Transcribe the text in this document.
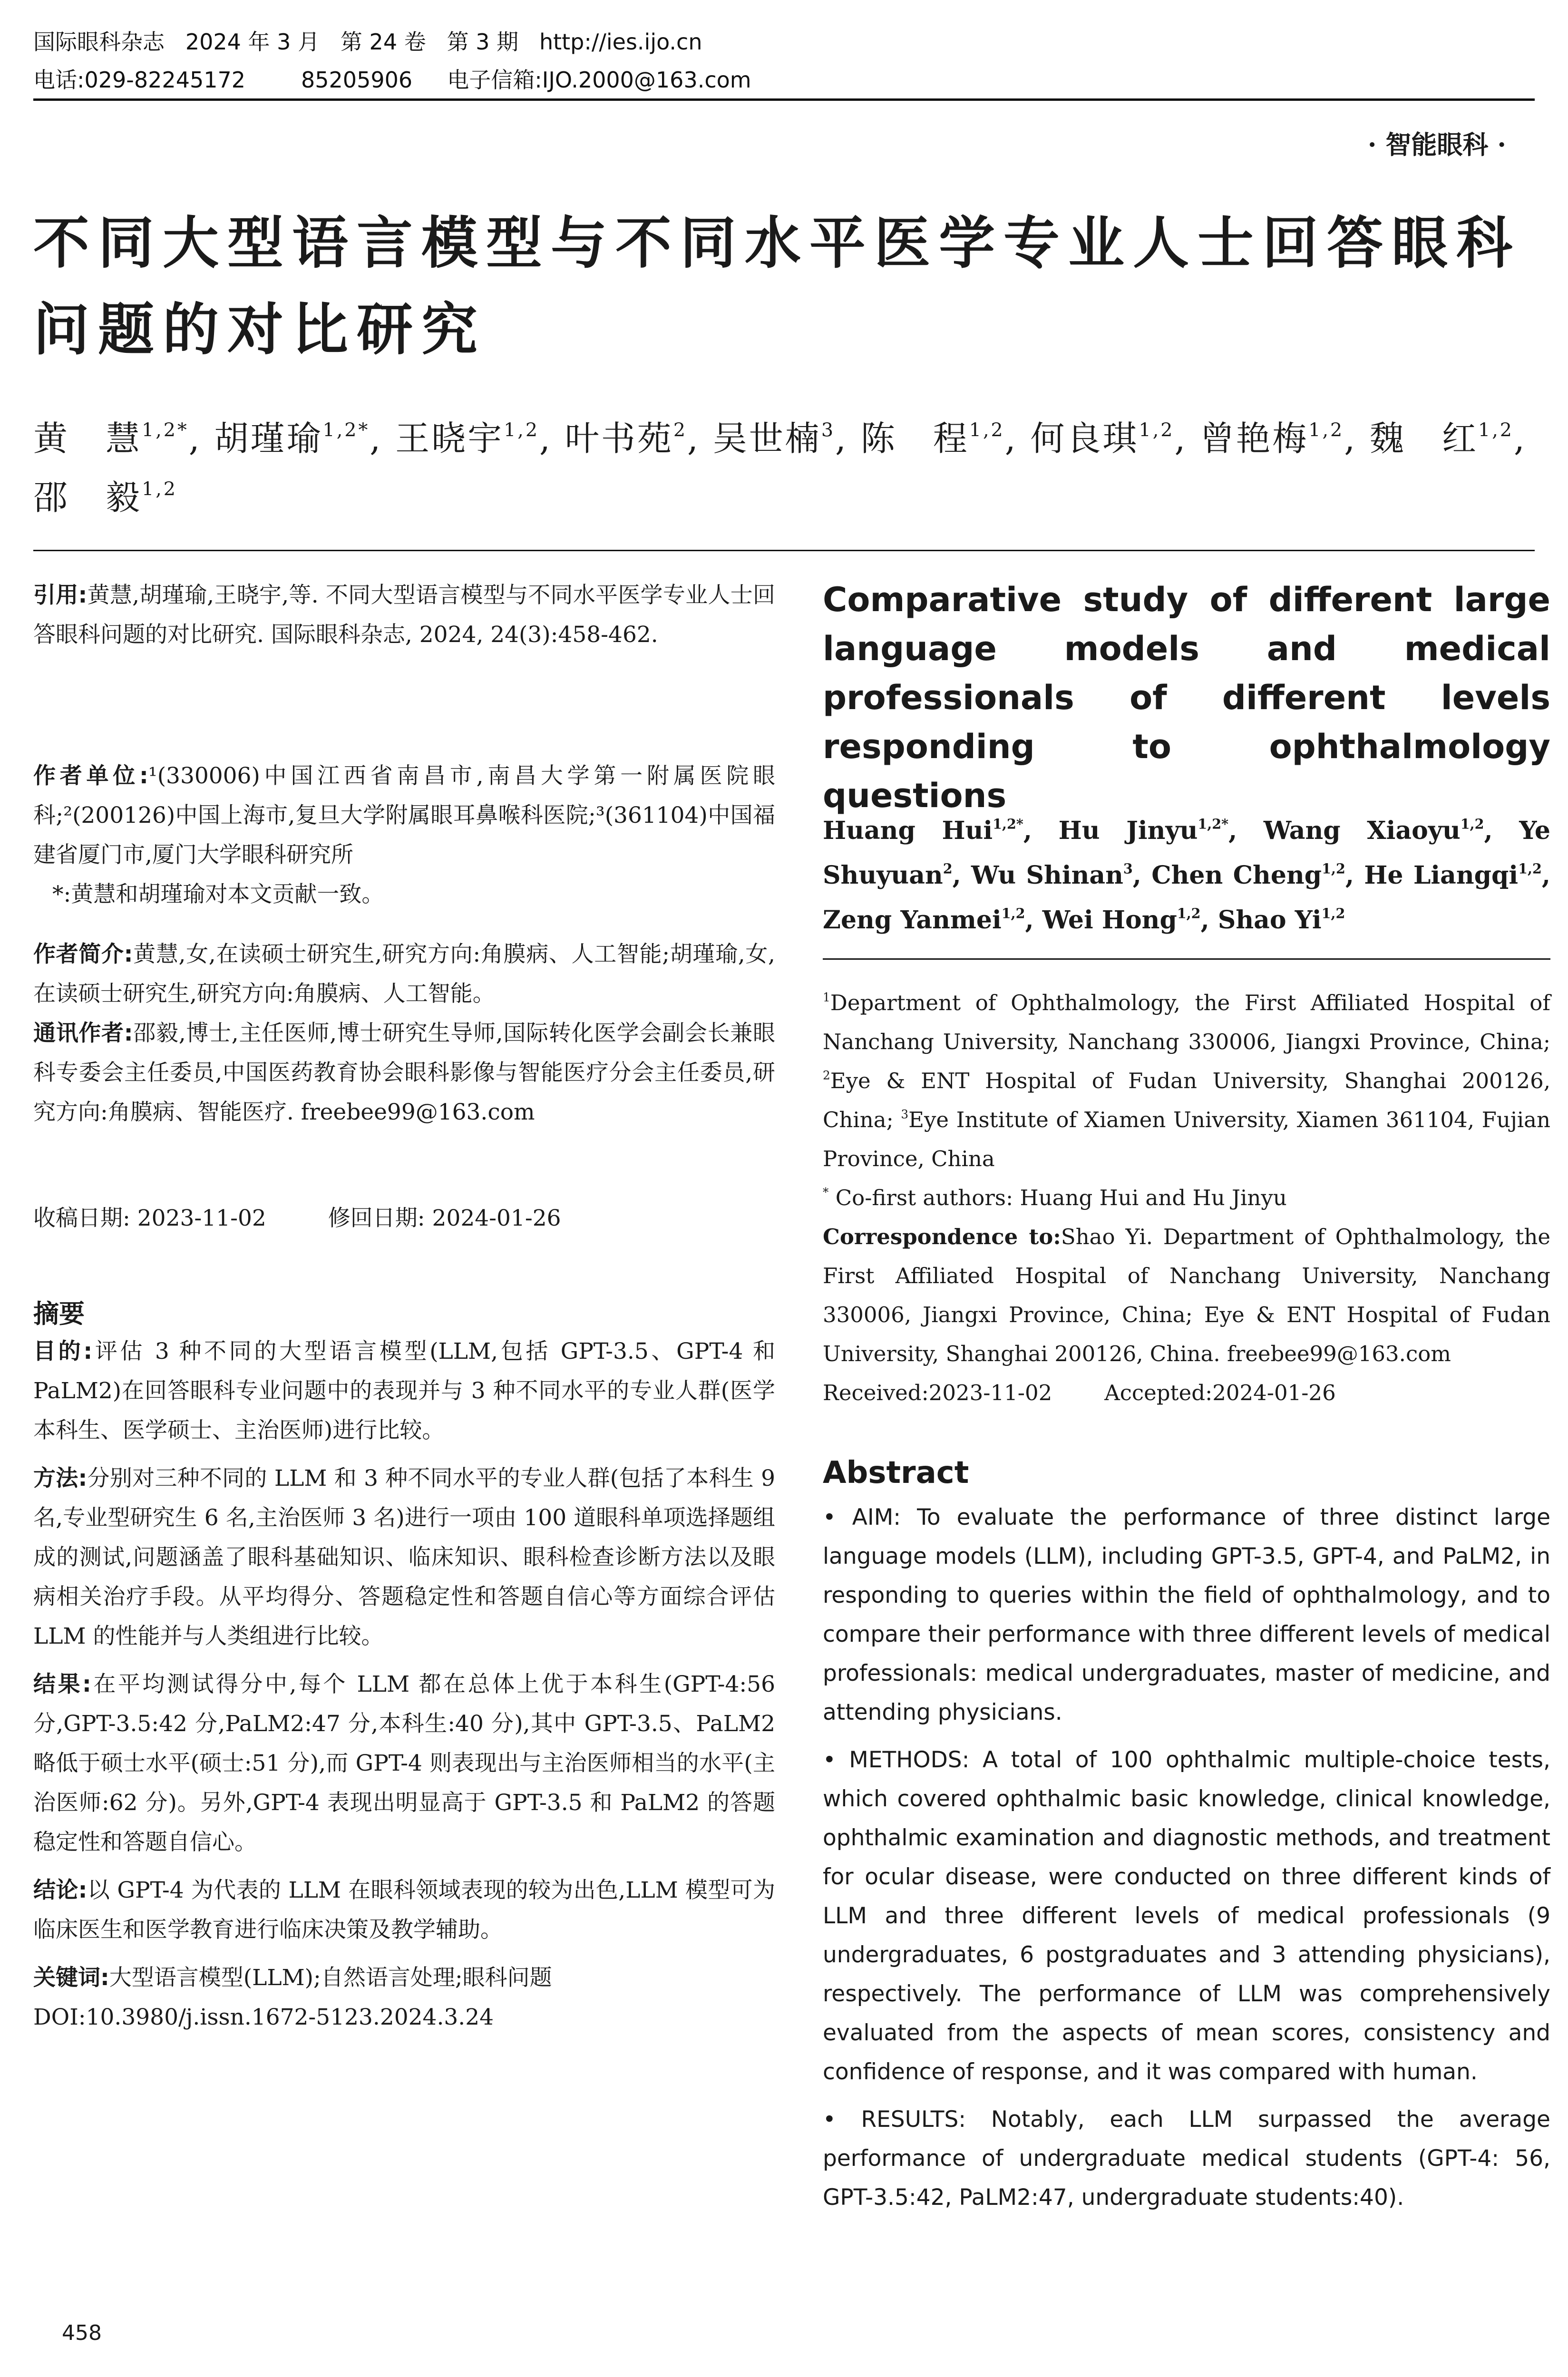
国际眼科杂志   2024 年 3 月   第 24 卷   第 3 期   http://ies.ijo.cn
电话:029-82245172        85205906     电子信箱:IJO.2000@163.com
· 智能眼科 ·
不同大型语言模型与不同水平医学专业人士回答眼科问题的对比研究
黄　慧$^{1,2*}$, 胡瑾瑜$^{1,2*}$, 王晓宇$^{1,2}$, 叶书苑$^2$, 吴世楠$^3$, 陈　程$^{1,2}$, 何良琪$^{1,2}$, 曾艳梅$^{1,2}$, 魏　红$^{1,2}$, 邵　毅$^{1,2}$
引用:黄慧,胡瑾瑜,王晓宇,等. 不同大型语言模型与不同水平医学专业人士回答眼科问题的对比研究. 国际眼科杂志, 2024, 24(3):458-462.
作者单位:¹(330006)中国江西省南昌市,南昌大学第一附属医院眼科;²(200126)中国上海市,复旦大学附属眼耳鼻喉科医院;³(361104)中国福建省厦门市,厦门大学眼科研究所
*:黄慧和胡瑾瑜对本文贡献一致。
作者简介:黄慧,女,在读硕士研究生,研究方向:角膜病、人工智能;胡瑾瑜,女,在读硕士研究生,研究方向:角膜病、人工智能。
通讯作者:邵毅,博士,主任医师,博士研究生导师,国际转化医学会副会长兼眼科专委会主任委员,中国医药教育协会眼科影像与智能医疗分会主任委员,研究方向:角膜病、智能医疗. freebee99@163.com
收稿日期: 2023-11-02	修回日期: 2024-01-26
摘要
目的:评估 3 种不同的大型语言模型(LLM,包括 GPT-3.5、GPT-4 和 PaLM2)在回答眼科专业问题中的表现并与 3 种不同水平的专业人群(医学本科生、医学硕士、主治医师)进行比较。
方法:分别对三种不同的 LLM 和 3 种不同水平的专业人群(包括了本科生 9 名,专业型研究生 6 名,主治医师 3 名)进行一项由 100 道眼科单项选择题组成的测试,问题涵盖了眼科基础知识、临床知识、眼科检查诊断方法以及眼病相关治疗手段。从平均得分、答题稳定性和答题自信心等方面综合评估 LLM 的性能并与人类组进行比较。
结果:在平均测试得分中,每个 LLM 都在总体上优于本科生(GPT-4:56 分,GPT-3.5:42 分,PaLM2:47 分,本科生:40 分),其中 GPT-3.5、PaLM2 略低于硕士水平(硕士:51 分),而 GPT-4 则表现出与主治医师相当的水平(主治医师:62 分)。另外,GPT-4 表现出明显高于 GPT-3.5 和 PaLM2 的答题稳定性和答题自信心。
结论:以 GPT-4 为代表的 LLM 在眼科领域表现的较为出色,LLM 模型可为临床医生和医学教育进行临床决策及教学辅助。
关键词:大型语言模型(LLM);自然语言处理;眼科问题
DOI:10.3980/j.issn.1672-5123.2024.3.24
458
Comparative study of different large language models and medical professionals of different levels responding to ophthalmology questions
Huang Hui$^{1,2*}$, Hu Jinyu$^{1,2*}$, Wang Xiaoyu$^{1,2}$, Ye Shuyuan$^2$, Wu Shinan$^3$, Chen Cheng$^{1,2}$, He Liangqi$^{1,2}$, Zeng Yanmei$^{1,2}$, Wei Hong$^{1,2}$, Shao Yi$^{1,2}$
$^1$Department of Ophthalmology, the First Affiliated Hospital of Nanchang University, Nanchang 330006, Jiangxi Province, China; $^2$Eye & ENT Hospital of Fudan University, Shanghai 200126, China; $^3$Eye Institute of Xiamen University, Xiamen 361104, Fujian Province, China
* Co-first authors: Huang Hui and Hu Jinyu
Correspondence to:Shao Yi. Department of Ophthalmology, the First Affiliated Hospital of Nanchang University, Nanchang 330006, Jiangxi Province, China; Eye & ENT Hospital of Fudan University, Shanghai 200126, China. freebee99@163.com
Received:2023-11-02 Accepted:2024-01-26
Abstract
• AIM: To evaluate the performance of three distinct large language models (LLM), including GPT-3.5, GPT-4, and PaLM2, in responding to queries within the field of ophthalmology, and to compare their performance with three different levels of medical professionals: medical undergraduates, master of medicine, and attending physicians.
• METHODS: A total of 100 ophthalmic multiple-choice tests, which covered ophthalmic basic knowledge, clinical knowledge, ophthalmic examination and diagnostic methods, and treatment for ocular disease, were conducted on three different kinds of LLM and three different levels of medical professionals (9 undergraduates, 6 postgraduates and 3 attending physicians), respectively. The performance of LLM was comprehensively evaluated from the aspects of mean scores, consistency and confidence of response, and it was compared with human.
• RESULTS: Notably, each LLM surpassed the average performance of undergraduate medical students (GPT-4: 56, GPT-3.5:42, PaLM2:47, undergraduate students:40).
